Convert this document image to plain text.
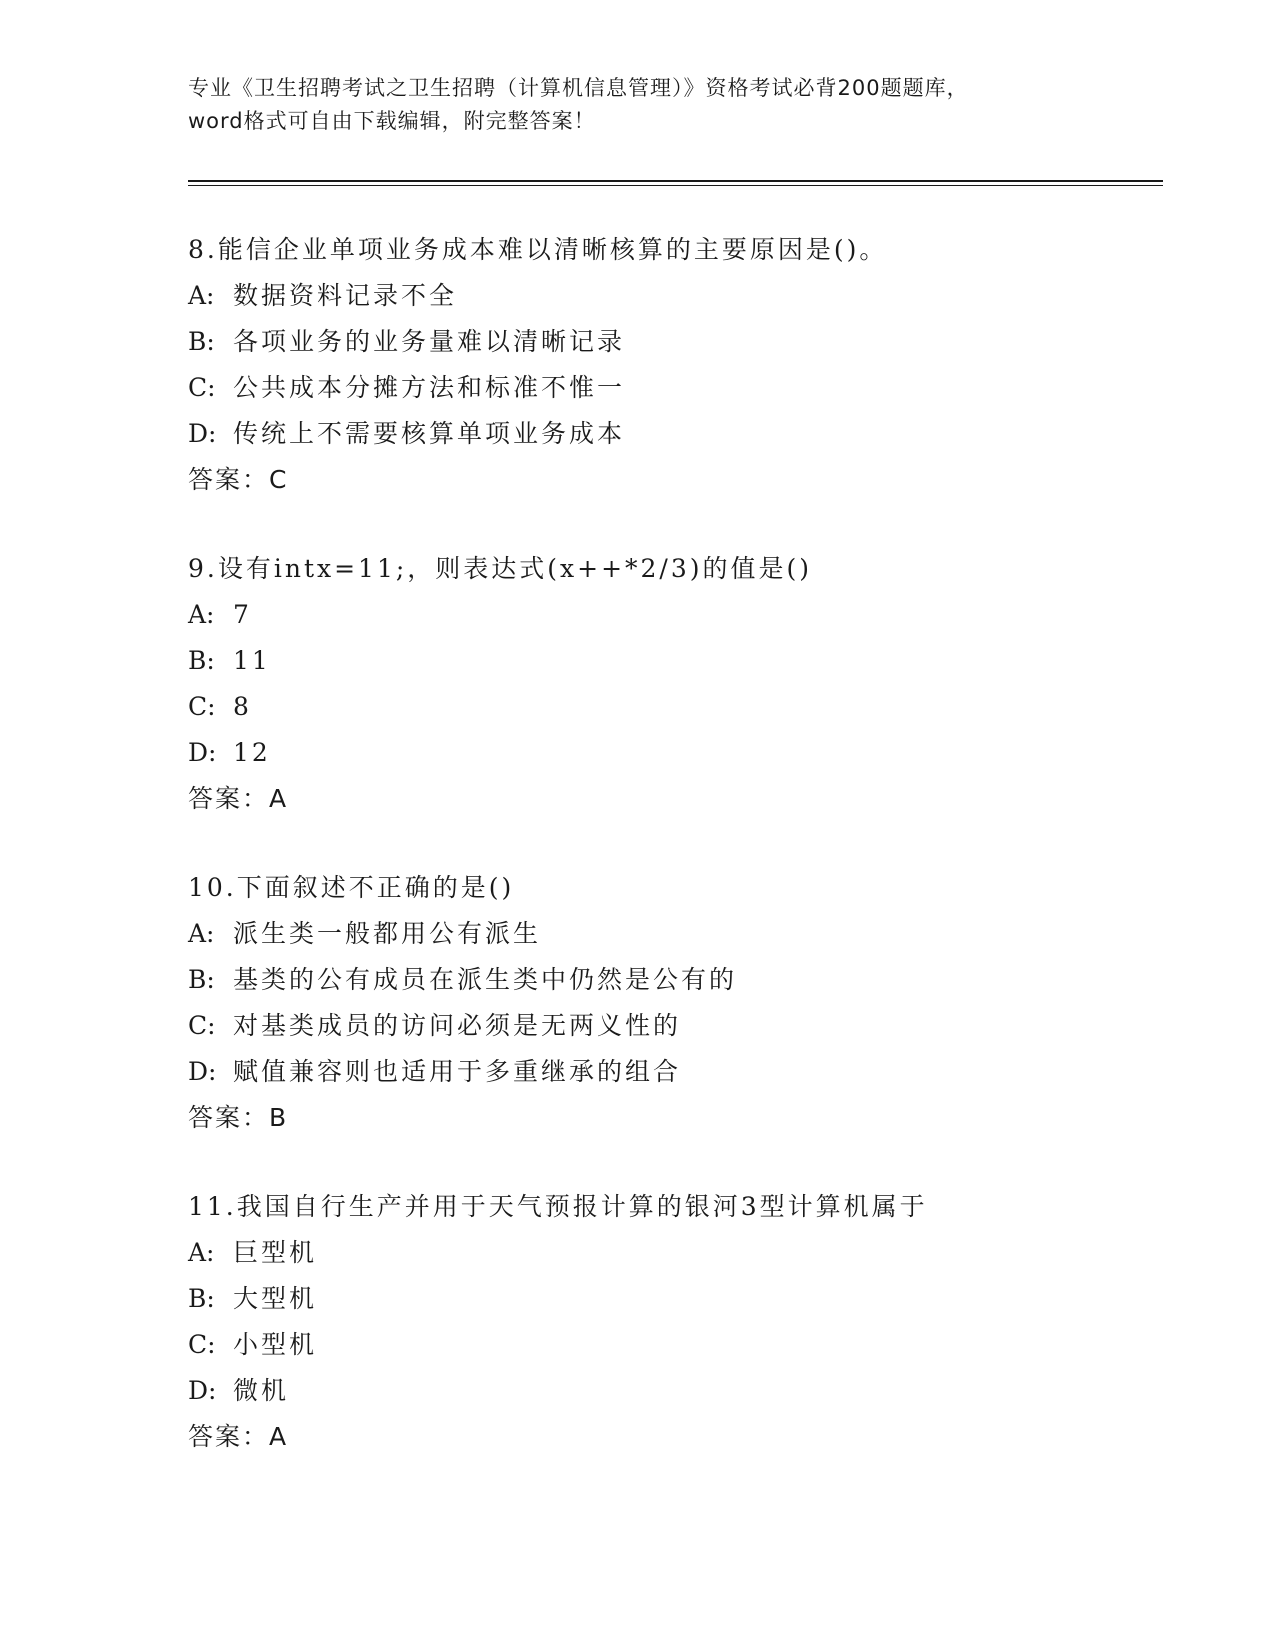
专业《卫生招聘考试之卫生招聘（计算机信息管理）》资格考试必背200题题库，
word格式可自由下载编辑，附完整答案！
8.能信企业单项业务成本难以清晰核算的主要原因是()。
A: 数据资料记录不全
B: 各项业务的业务量难以清晰记录
C: 公共成本分摊方法和标准不惟一
D: 传统上不需要核算单项业务成本
答案：C
9.设有intx=11;，则表达式(x++*2/3)的值是()
A: 7
B: 11
C: 8
D: 12
答案：A
10.下面叙述不正确的是()
A: 派生类一般都用公有派生
B: 基类的公有成员在派生类中仍然是公有的
C: 对基类成员的访问必须是无两义性的
D: 赋值兼容则也适用于多重继承的组合
答案：B
11.我国自行生产并用于天气预报计算的银河3型计算机属于
A: 巨型机
B: 大型机
C: 小型机
D: 微机
答案：A
